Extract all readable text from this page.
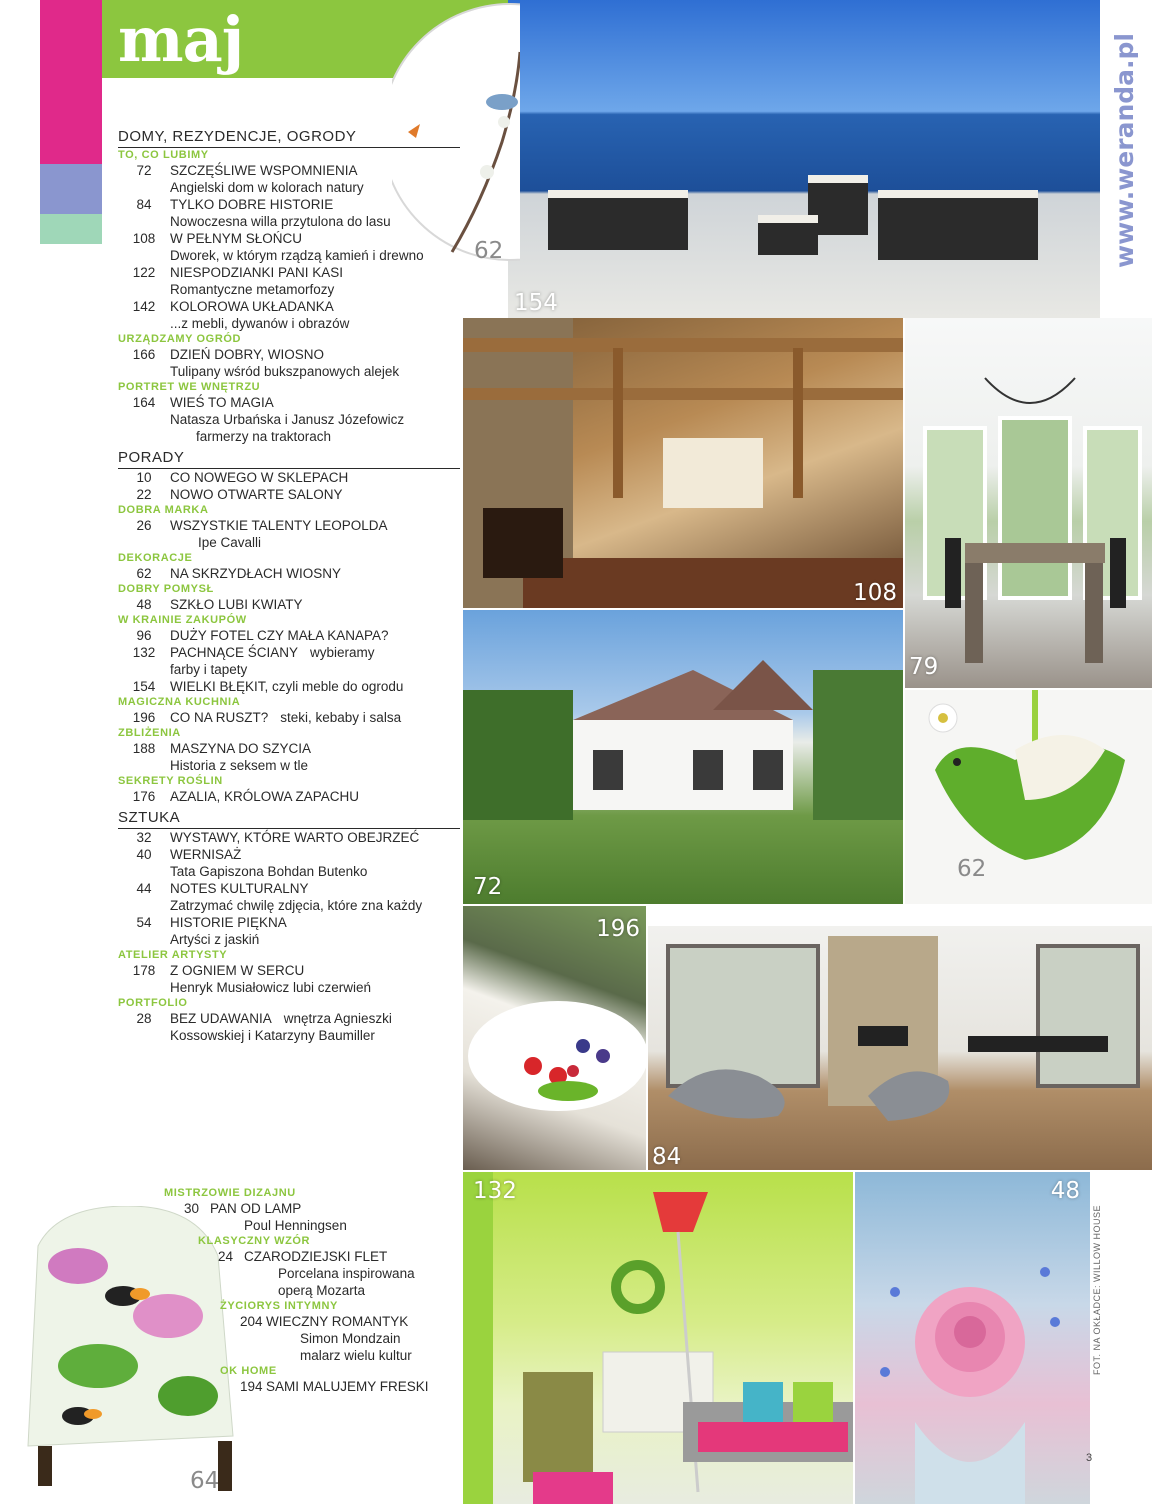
maj
154
108
79
72
62
196
84
132	48
64
62	www.weranda.pl
FOT. NA OKŁADCE: WILLOW HOUSE
3
DOMY, REZYDENCJE, OGRODY
TO, CO LUBIMY
72	SZCZĘŚLIWE WSPOMNIENIA
Angielski dom w kolorach natury
84	TYLKO DOBRE HISTORIE
Nowoczesna willa przytulona do lasu
108	W PEŁNYM SŁOŃCU
Dworek, w którym rządzą kamień i drewno
122	NIESPODZIANKI PANI KASI
Romantyczne metamorfozy
142	KOLOROWA UKŁADANKA
...z mebli, dywanów i obrazów
URZĄDZAMY OGRÓD
166	DZIEŃ DOBRY, WIOSNO
Tulipany wśród bukszpanowych alejek
PORTRET WE WNĘTRZU
164	WIEŚ TO MAGIA
Natasza Urbańska i Janusz Józefowicz
farmerzy na traktorach
PORADY
10	CO NOWEGO W SKLEPACH
22	NOWO OTWARTE SALONY
DOBRA MARKA
26	WSZYSTKIE TALENTY LEOPOLDA
Ipe Cavalli
DEKORACJE
62	NA SKRZYDŁACH WIOSNY
DOBRY POMYSŁ
48	SZKŁO LUBI KWIATY
W KRAINIE ZAKUPÓW
96	DUŻY FOTEL CZY MAŁA KANAPA?
132	PACHNĄCE ŚCIANY wybieramy
farby i tapety
154	WIELKI BŁĘKIT, czyli meble do ogrodu
MAGICZNA KUCHNIA
196	CO NA RUSZT? steki, kebaby i salsa
ZBLIŻENIA
188	MASZYNA DO SZYCIA
Historia z seksem w tle
SEKRETY ROŚLIN
176	AZALIA, KRÓLOWA ZAPACHU
SZTUKA
32	WYSTAWY, KTÓRE WARTO OBEJRZEĆ
40	WERNISAŻ
Tata Gapiszona Bohdan Butenko
44	NOTES KULTURALNY
Zatrzymać chwilę zdjęcia, które zna każdy
54	HISTORIE PIĘKNA
Artyści z jaskiń
ATELIER ARTYSTY
178	Z OGNIEM W SERCU
Henryk Musiałowicz lubi czerwień
PORTFOLIO
28	BEZ UDAWANIA wnętrza Agnieszki
Kossowskiej i Katarzyny Baumiller
MISTRZOWIE DIZAJNU
30 PAN OD LAMP
Poul Henningsen
KLASYCZNY WZÓR
24 CZARODZIEJSKI FLET
Porcelana inspirowana
operą Mozarta
ŻYCIORYS INTYMNY
204 WIECZNY ROMANTYK
Simon Mondzain
malarz wielu kultur
OK HOME
194 SAMI MALUJEMY FRESKI
